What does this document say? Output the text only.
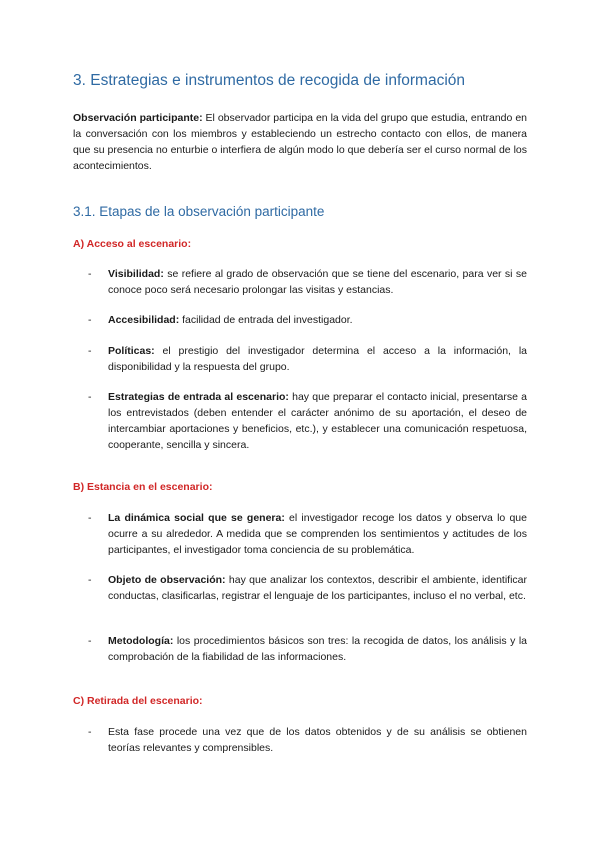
3. Estrategias e instrumentos de recogida de información

Observación participante: El observador participa en la vida del grupo que estudia, entrando en la conversación con los miembros y estableciendo un estrecho contacto con ellos, de manera que su presencia no enturbie o interfiera de algún modo lo que debería ser el curso normal de los acontecimientos.

3.1. Etapas de la observación participante

A) Acceso al escenario:

-	Visibilidad: se refiere al grado de observación que se tiene del escenario, para ver si se conoce poco será necesario prolongar las visitas y estancias.
-	Accesibilidad: facilidad de entrada del investigador.
-	Políticas: el prestigio del investigador determina el acceso a la información, la disponibilidad y la respuesta del grupo.
-	Estrategias de entrada al escenario: hay que preparar el contacto inicial, presentarse a los entrevistados (deben entender el carácter anónimo de su aportación, el deseo de intercambiar aportaciones y beneficios, etc.), y establecer una comunicación respetuosa, cooperante, sencilla y sincera.

B) Estancia en el escenario:

-	La dinámica social que se genera: el investigador recoge los datos y observa lo que ocurre a su alrededor. A medida que se comprenden los sentimientos y actitudes de los participantes, el investigador toma conciencia de su problemática.
-	Objeto de observación: hay que analizar los contextos, describir el ambiente, identificar conductas, clasificarlas, registrar el lenguaje de los participantes, incluso el no verbal, etc.
-	Metodología: los procedimientos básicos son tres: la recogida de datos, los análisis y la comprobación de la fiabilidad de las informaciones.

C) Retirada del escenario:

-	Esta fase procede una vez que de los datos obtenidos y de su análisis se obtienen teorías relevantes y comprensibles.
